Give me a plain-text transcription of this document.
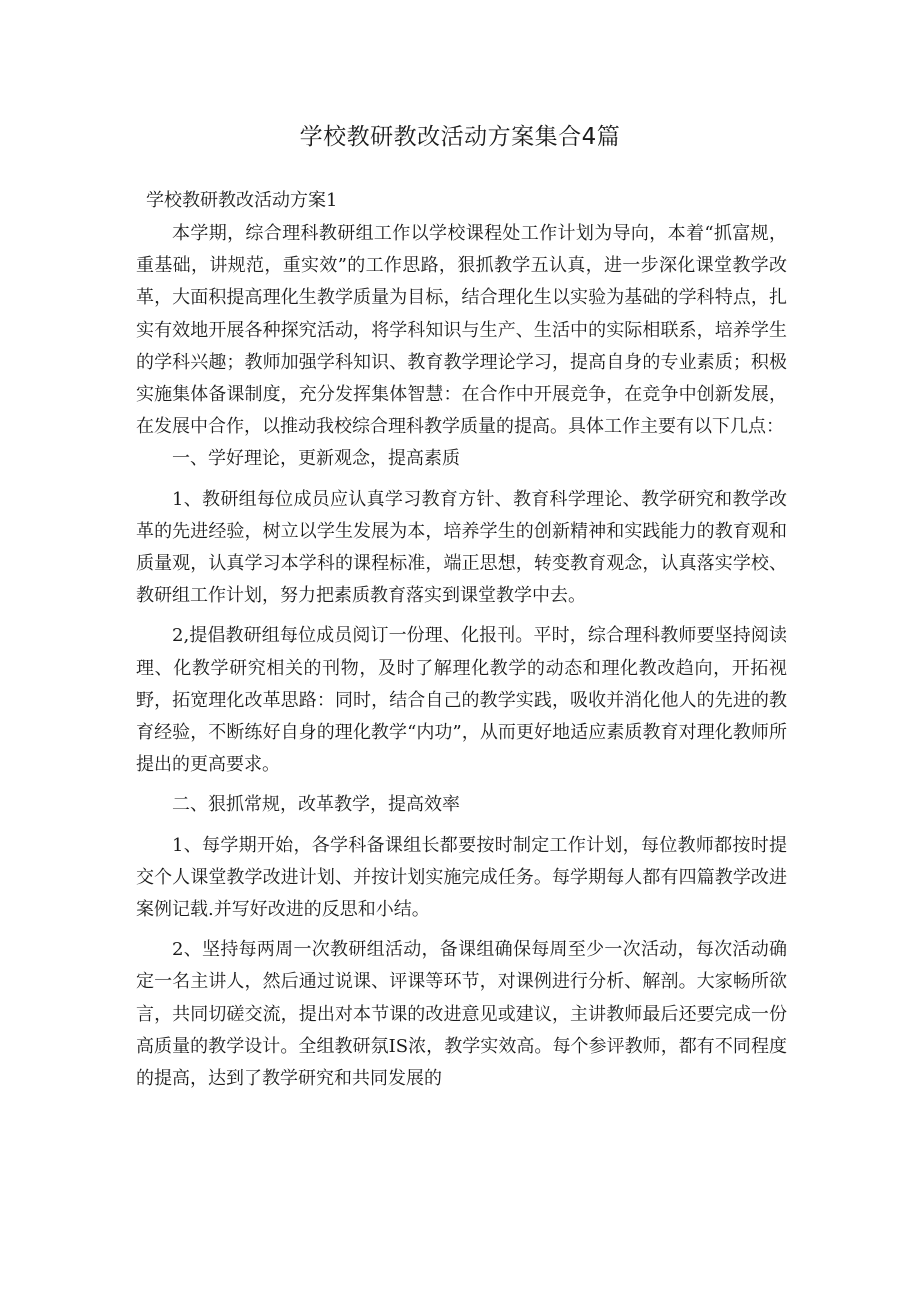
学校教研教改活动方案集合4篇

学校教研教改活动方案1

本学期，综合理科教研组工作以学校课程处工作计划为导向，本着“抓富规，重基础，讲规范，重实效”的工作思路，狠抓教学五认真，进一步深化课堂教学改革，大面积提高理化生教学质量为目标，结合理化生以实验为基础的学科特点，扎实有效地开展各种探究活动，将学科知识与生产、生活中的实际相联系，培养学生的学科兴趣；教师加强学科知识、教育教学理论学习，提高自身的专业素质；积极实施集体备课制度，充分发挥集体智慧：在合作中开展竞争，在竞争中创新发展，在发展中合作，以推动我校综合理科教学质量的提高。具体工作主要有以下几点：

一、学好理论，更新观念，提高素质

1、教研组每位成员应认真学习教育方针、教育科学理论、教学研究和教学改革的先进经验，树立以学生发展为本，培养学生的创新精神和实践能力的教育观和质量观，认真学习本学科的课程标准，端正思想，转变教育观念，认真落实学校、教研组工作计划，努力把素质教育落实到课堂教学中去。

2,提倡教研组每位成员阅订一份理、化报刊。平时，综合理科教师要坚持阅读理、化教学研究相关的刊物，及时了解理化教学的动态和理化教改趋向，开拓视野，拓宽理化改革思路：同时，结合自己的教学实践，吸收并消化他人的先进的教育经验，不断练好自身的理化教学“内功”，从而更好地适应素质教育对理化教师所提出的更高要求。

二、狠抓常规，改革教学，提高效率

1、每学期开始，各学科备课组长都要按时制定工作计划，每位教师都按时提交个人课堂教学改进计划、并按计划实施完成任务。每学期每人都有四篇教学改进案例记载.并写好改进的反思和小结。

2、坚持每两周一次教研组活动，备课组确保每周至少一次活动，每次活动确定一名主讲人，然后通过说课、评课等环节，对课例进行分析、解剖。大家畅所欲言，共同切磋交流，提出对本节课的改进意见或建议，主讲教师最后还要完成一份高质量的教学设计。全组教研氛IS浓，教学实效高。每个参评教师，都有不同程度的提高，达到了教学研究和共同发展的
